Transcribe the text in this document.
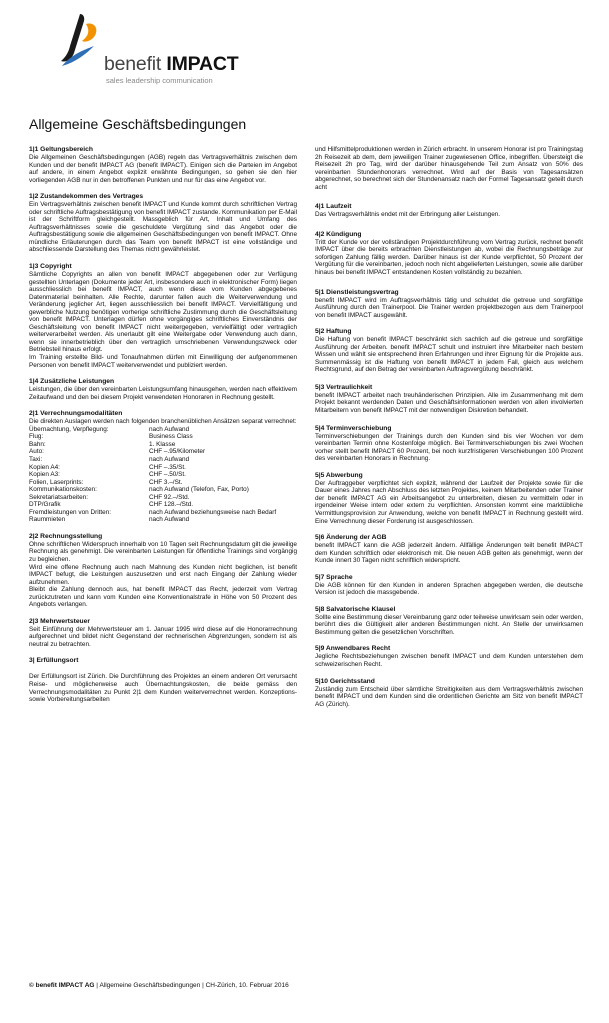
benefit IMPACT
sales leadership communication
Allgemeine Geschäftsbedingungen
1|1 Geltungsbereich

Die Allgemeinen Geschäftsbedingungen (AGB) regeln das Vertragsverhältnis zwischen dem Kunden und der benefit IMPACT AG (benefit IMPACT). Einigen sich die Parteien im Angebot auf andere, in einem Angebot explizit erwähnte Bedingungen, so gehen sie den hier vorliegenden AGB nur in den betroffenen Punkten und nur für das eine Angebot vor.

1|2 Zustandekommen des Vertrages

Ein Vertragsverhältnis zwischen benefit IMPACT und Kunde kommt durch schriftlichen Vertrag oder schriftliche Auftragsbestätigung von benefit IMPACT zustande. Kommunikation per E-Mail ist der Schriftform gleichgestellt. Massgeblich für Art, Inhalt und Umfang des Auftragsverhältnisses sowie die geschuldete Vergütung sind das Angebot oder die Auftragsbestätigung sowie die allgemeinen Geschäftsbedingungen von benefit IMPACT. Ohne mündliche Erläuterungen durch das Team von benefit IMPACT ist eine vollständige und abschliessende Darstellung des Themas nicht gewährleistet.

1|3 Copyright

Sämtliche Copyrights an allen von benefit IMPACT abgegebenen oder zur Verfügung gestellten Unterlagen (Dokumente jeder Art, insbesondere auch in elektronischer Form) liegen ausschliesslich bei benefit IMPACT, auch wenn diese vom Kunden abgegebenes Datenmaterial beinhalten. Alle Rechte, darunter fallen auch die Weiterverwendung und Veränderung jeglicher Art, liegen ausschliesslich bei benefit IMPACT. Vervielfältigung und gewerbliche Nutzung benötigen vorherige schriftliche Zustimmung durch die Geschäftsleitung von benefit IMPACT. Unterlagen dürfen ohne vorgängiges schriftliches Einverständnis der Geschäftsleitung von benefit IMPACT nicht weitergegeben, vervielfältigt oder vertraglich weiterverarbeitet werden. Als unerlaubt gilt eine Weitergabe oder Verwendung auch dann, wenn sie innerbetrieblich über den vertraglich umschriebenen Verwendungszweck oder Betriebsteil hinaus erfolgt.

Im Training erstellte Bild- und Tonaufnahmen dürfen mit Einwilligung der aufgenommenen Personen von benefit IMPACT weiterverwendet und publiziert werden.

1|4 Zusätzliche Leistungen

Leistungen, die über den vereinbarten Leistungsumfang hinausgehen, werden nach effektivem Zeitaufwand und den bei diesem Projekt verwendeten Honoraren in Rechnung gestellt.

2|1 Verrechnungsmodalitäten

Die direkten Auslagen werden nach folgenden branchenüblichen Ansätzen separat verrechnet:

Übernachtung, Verpflegung:	nach Aufwand
Flug:	Business Class
Bahn:	1. Klasse
Auto:	CHF –.95/Kilometer
Taxi:	nach Aufwand
Kopien A4:	CHF –.35/St.
Kopien A3:	CHF –.50/St.
Folien, Laserprints:	CHF 3.–/St.
Kommunikationskosten:	nach Aufwand (Telefon, Fax, Porto)
Sekretariatsarbeiten:	CHF 92.–/Std.
DTP/Grafik	CHF 128.–/Std.
Fremdleistungen von Dritten:	nach Aufwand beziehungsweise nach Bedarf
Raummieten	nach Aufwand
2|2 Rechnungsstellung

Ohne schriftlichen Widerspruch innerhalb von 10 Tagen seit Rechnungsdatum gilt die jeweilige Rechnung als genehmigt. Die vereinbarten Leistungen für öffentliche Trainings sind vorgängig zu begleichen.

Wird eine offene Rechnung auch nach Mahnung des Kunden nicht beglichen, ist benefit IMPACT befugt, die Leistungen auszusetzen und erst nach Eingang der Zahlung wieder aufzunehmen.

Bleibt die Zahlung dennoch aus, hat benefit IMPACT das Recht, jederzeit vom Vertrag zurückzutreten und kann vom Kunden eine Konventionalstrafe in Höhe von 50 Prozent des Angebots verlangen.

2|3 Mehrwertsteuer

Seit Einführung der Mehrwertsteuer am 1. Januar 1995 wird diese auf die Honorarrechnung aufgerechnet und bildet nicht Gegenstand der rechnerischen Abgrenzungen, sondern ist als neutral zu betrachten.

3| Erfüllungsort

Der Erfüllungsort ist Zürich. Die Durchführung des Projektes an einem anderen Ort verursacht Reise- und möglicherweise auch Übernachtungskosten, die beide gemäss den Verrechnungsmodalitäten zu Punkt 2|1 dem Kunden weiterverrechnet werden. Konzeptions- sowie Vorbereitungsarbeiten

und Hilfsmittelproduktionen werden in Zürich erbracht. In unserem Honorar ist pro Trainingstag 2h Reisezeit ab dem, dem jeweiligen Trainer zugewiesenen Office, inbegriffen. Übersteigt die Reisezeit 2h pro Tag, wird der darüber hinausgehende Teil zum Ansatz von 50% des vereinbarten Stundenhonorars verrechnet. Wird auf der Basis von Tagesansätzen abgerechnet, so berechnet sich der Stundenansatz nach der Formel Tagesansatz geteilt durch acht

4|1 Laufzeit

Das Vertragsverhältnis endet mit der Erbringung aller Leistungen.

4|2 Kündigung

Tritt der Kunde vor der vollständigen Projektdurchführung vom Vertrag zurück, rechnet benefit IMPACT über die bereits erbrachten Dienstleistungen ab, wobei die Rechnungsbeträge zur sofortigen Zahlung fällig werden. Darüber hinaus ist der Kunde verpflichtet, 50 Prozent der Vergütung für die vereinbarten, jedoch noch nicht abgelieferten Leistungen, sowie alle darüber hinaus bei benefit IMPACT entstandenen Kosten vollständig zu bezahlen.

5|1 Dienstleistungsvertrag

benefit IMPACT wird im Auftragsverhältnis tätig und schuldet die getreue und sorgfältige Ausführung durch den Trainerpool. Die Trainer werden projektbezogen aus dem Trainerpool von benefit IMPACT ausgewählt.

5|2 Haftung

Die Haftung von benefit IMPACT beschränkt sich sachlich auf die getreue und sorgfältige Ausführung der Arbeiten. benefit IMPACT schult und instruiert ihre Mitarbeiter nach bestem Wissen und wählt sie entsprechend ihren Erfahrungen und ihrer Eignung für die Projekte aus. Summenmässig ist die Haftung von benefit IMPACT in jedem Fall, gleich aus welchem Rechtsgrund, auf den Betrag der vereinbarten Auftragsvergütung beschränkt.

5|3 Vertraulichkeit

benefit IMPACT arbeitet nach treuhänderischen Prinzipien. Alle im Zusammenhang mit dem Projekt bekannt werdenden Daten und Geschäftsinformationen werden von allen involvierten Mitarbeitern von benefit IMPACT mit der notwendigen Diskretion behandelt.

5|4 Terminverschiebung

Terminverschiebungen der Trainings durch den Kunden sind bis vier Wochen vor dem vereinbarten Termin ohne Kostenfolge möglich. Bei Terminverschiebungen bis zwei Wochen vorher stellt benefit IMPACT 60 Prozent, bei noch kurzfristigeren Verschiebungen 100 Prozent des vereinbarten Honorars in Rechnung.

5|5 Abwerbung

Der Auftraggeber verpflichtet sich explizit, während der Laufzeit der Projekte sowie für die Dauer eines Jahres nach Abschluss des letzten Projektes, keinem Mitarbeitenden oder Trainer der benefit IMPACT AG ein Arbeitsangebot zu unterbreiten, diesen zu vermitteln oder in irgendeiner Weise intern oder extern zu verpflichten. Ansonsten kommt eine marktübliche Vermittlungsprovision zur Anwendung, welche von benefit IMPACT in Rechnung gestellt wird. Eine Verrechnung dieser Forderung ist ausgeschlossen.

5|6 Änderung der AGB

benefit IMPACT kann die AGB jederzeit ändern. Allfällige Änderungen teilt benefit IMPACT dem Kunden schriftlich oder elektronisch mit. Die neuen AGB gelten als genehmigt, wenn der Kunde innert 30 Tagen nicht schriftlich widerspricht.

5|7 Sprache

Die AGB können für den Kunden in anderen Sprachen abgegeben werden, die deutsche Version ist jedoch die massgebende.

5|8 Salvatorische Klausel

Sollte eine Bestimmung dieser Vereinbarung ganz oder teilweise unwirksam sein oder werden, berührt dies die Gültigkeit aller anderen Bestimmungen nicht. An Stelle der unwirksamen Bestimmung gelten die gesetzlichen Vorschriften.

5|9 Anwendbares Recht

Jegliche Rechtsbeziehungen zwischen benefit IMPACT und dem Kunden unterstehen dem schweizerischen Recht.

5|10 Gerichtsstand

Zuständig zum Entscheid über sämtliche Streitigkeiten aus dem Vertragsverhältnis zwischen benefit IMPACT und dem Kunden sind die ordentlichen Gerichte am Sitz von benefit IMPACT AG (Zürich).

© benefit IMPACT AG | Allgemeine Geschäftsbedingungen | CH-Zürich, 10. Februar 2016
